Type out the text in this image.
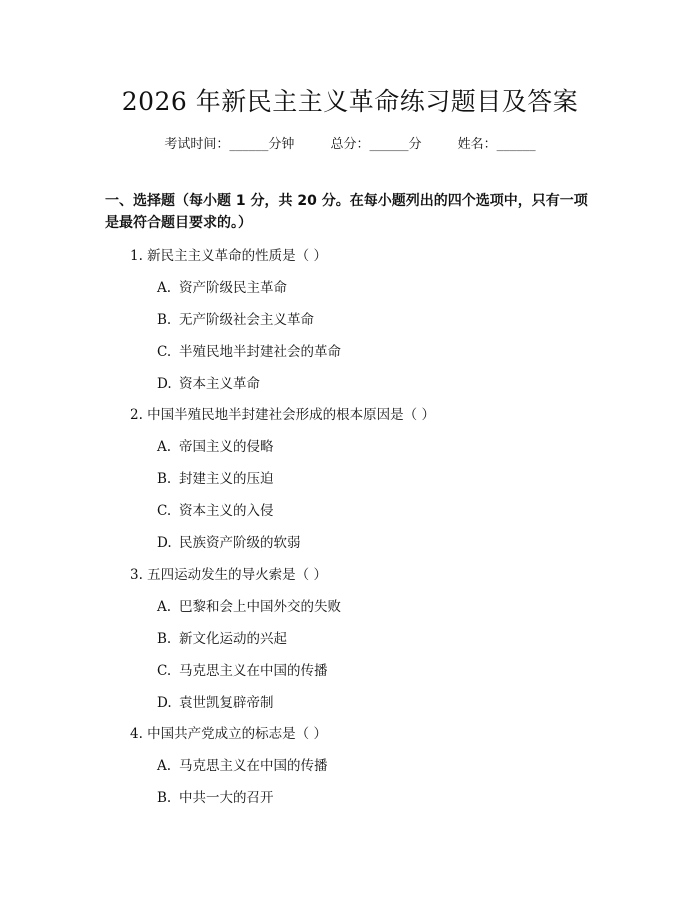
2026 年新民主主义革命练习题目及答案
考试时间：______分钟	总分：______分	姓名：______
一、选择题（每小题 1 分，共 20 分。在每小题列出的四个选项中，只有一项是最符合题目要求的。）
1. 新民主主义革命的性质是（ ）
A. 资产阶级民主革命
B. 无产阶级社会主义革命
C. 半殖民地半封建社会的革命
D. 资本主义革命
2. 中国半殖民地半封建社会形成的根本原因是（ ）
A. 帝国主义的侵略
B. 封建主义的压迫
C. 资本主义的入侵
D. 民族资产阶级的软弱
3. 五四运动发生的导火索是（ ）
A. 巴黎和会上中国外交的失败
B. 新文化运动的兴起
C. 马克思主义在中国的传播
D. 袁世凯复辟帝制
4. 中国共产党成立的标志是（ ）
A. 马克思主义在中国的传播
B. 中共一大的召开
